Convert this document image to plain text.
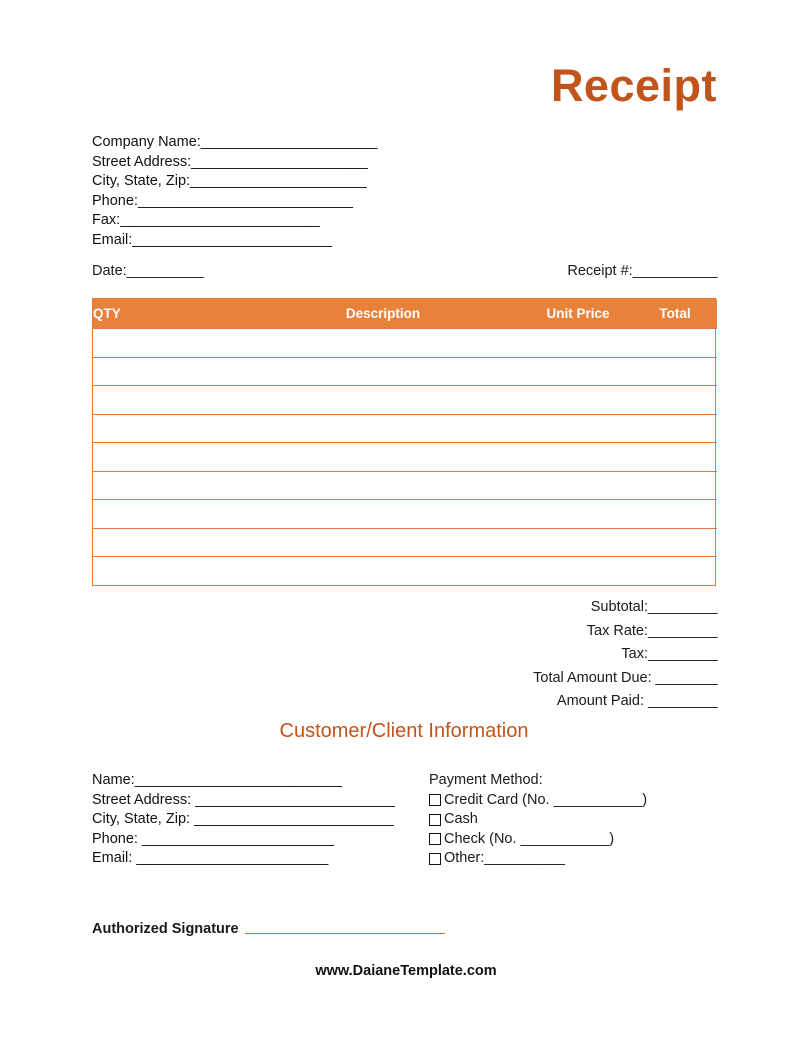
Receipt
Company Name:_______________________
Street Address:_______________________
City, State, Zip:_______________________
Phone:____________________________
Fax:__________________________
Email:__________________________
Date:__________	Receipt #:___________
QTY	Description	Unit Price	Total

Subtotal:_________
Tax Rate:_________
Tax:_________
Total Amount Due: ________
Amount Paid: _________
Customer/Client Information
Name:___________________________
Street Address: __________________________
City, State, Zip: __________________________
Phone: _________________________
Email: _________________________
Payment Method:
Credit Card (No. ___________)
Cash
Check (No. ___________)
Other:__________
Authorized Signature
www.DaianeTemplate.com
